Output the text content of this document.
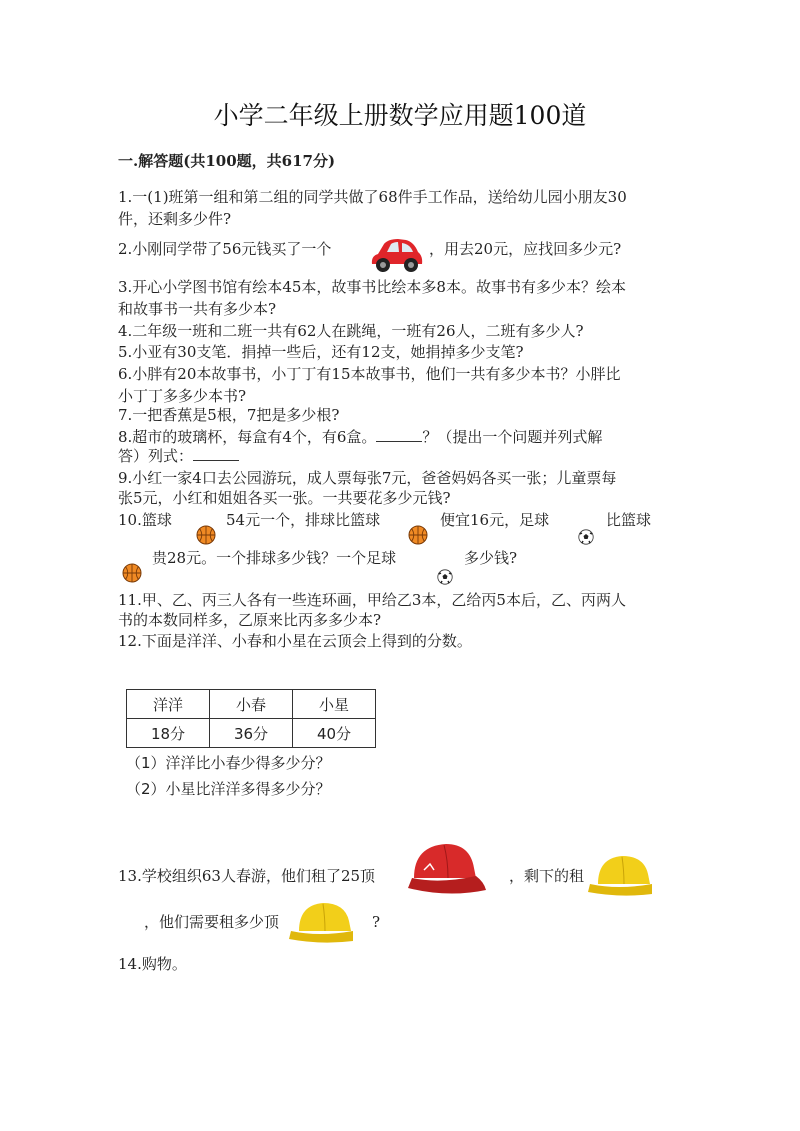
小学二年级上册数学应用题100道
一.解答题(共100题，共617分)
1.一(1)班第一组和第二组的同学共做了68件手工作品，送给幼儿园小朋友30
件，还剩多少件?
2.小刚同学带了56元钱买了一个	，用去20元，应找回多少元?
3.开心小学图书馆有绘本45本，故事书比绘本多8本。故事书有多少本？绘本
和故事书一共有多少本?
4.二年级一班和二班一共有62人在跳绳，一班有26人，二班有多少人?
5.小亚有30支笔．捐掉一些后，还有12支，她捐掉多少支笔?
6.小胖有20本故事书，小丁丁有15本故事书，他们一共有多少本书？小胖比
小丁丁多多少本书?
7.一把香蕉是5根，7把是多少根?
8.超市的玻璃杯，每盒有4个，有6盒。	？（提出一个问题并列式解
答）列式：
9.小红一家4口去公园游玩，成人票每张7元，爸爸妈妈各买一张；儿童票每
张5元，小红和姐姐各买一张。一共要花多少元钱?
10.篮球	54元一个，排球比篮球	便宜16元，足球	比篮球
贵28元。一个排球多少钱？一个足球	多少钱?
11.甲、乙、丙三人各有一些连环画，甲给乙3本，乙给丙5本后，乙、丙两人
书的本数同样多，乙原来比丙多多少本?
12.下面是洋洋、小春和小星在云顶会上得到的分数。
洋洋	小春	小星
18分	36分	40分
（1）洋洋比小春少得多少分？
（2）小星比洋洋多得多少分？
13.学校组织63人春游，他们租了25顶	，剩下的租
，他们需要租多少顶	?
14.购物。
